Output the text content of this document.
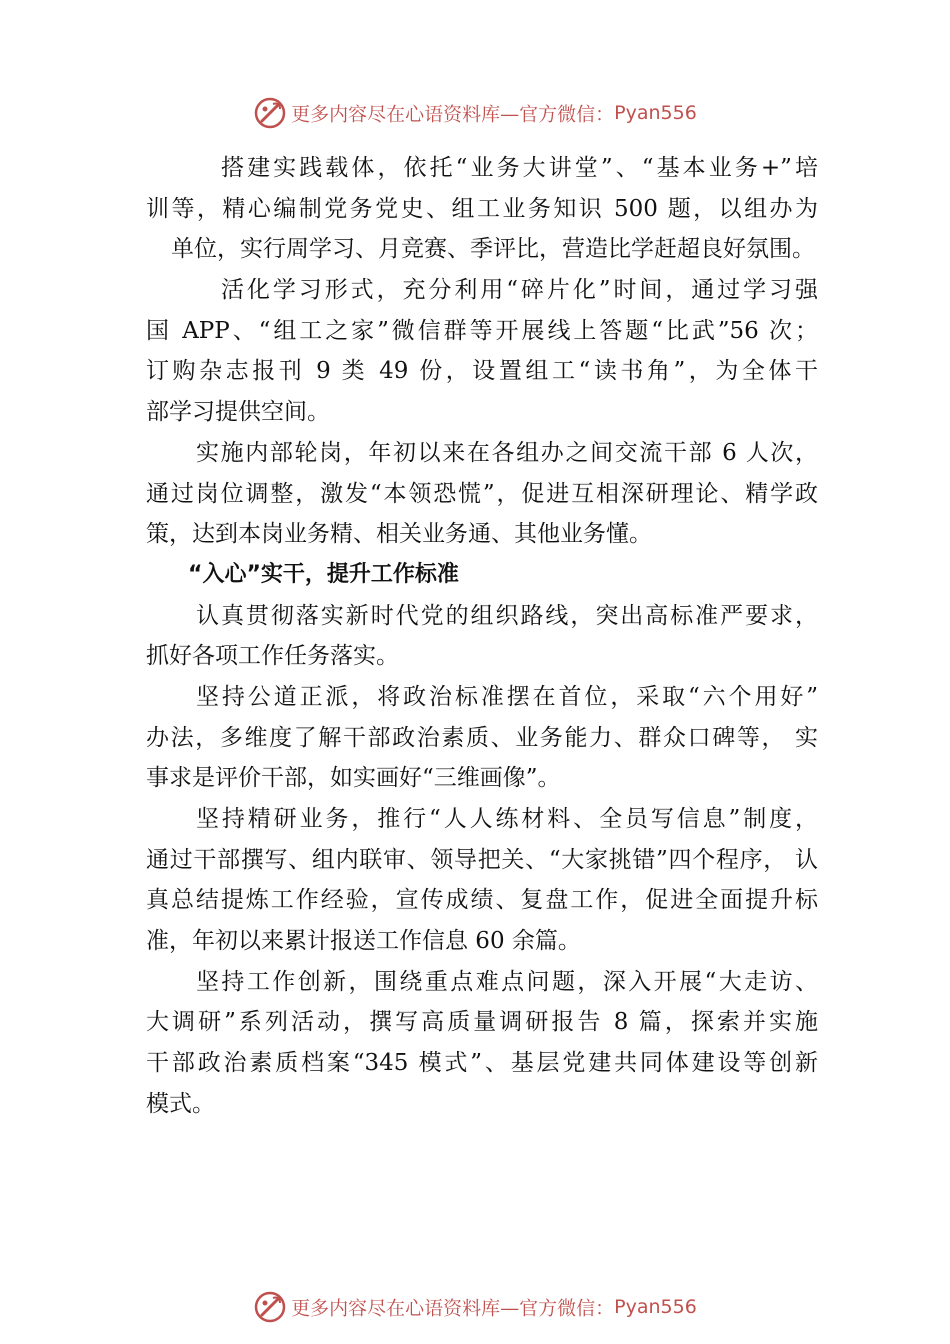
更多内容尽在心语资料库—官方微信：Pyan556
搭建实践载体，依托“业务大讲堂”、“基本业务+”培
训等，精心编制党务党史、组工业务知识 500 题，以组办为
单位，实行周学习、月竞赛、季评比，营造比学赶超良好氛围。
活化学习形式，充分利用“碎片化”时间，通过学习强
国 APP、“组工之家”微信群等开展线上答题“比武”56 次；
订购杂志报刊 9 类 49 份，设置组工“读书角”，为全体干
部学习提供空间。
实施内部轮岗，年初以来在各组办之间交流干部 6 人次，
通过岗位调整，激发“本领恐慌”，促进互相深研理论、精学政
策，达到本岗业务精、相关业务通、其他业务懂。
“入心”实干，提升工作标准
认真贯彻落实新时代党的组织路线，突出高标准严要求，
抓好各项工作任务落实。
坚持公道正派，将政治标准摆在首位，采取“六个用好”
办法，多维度了解干部政治素质、业务能力、群众口碑等， 实
事求是评价干部，如实画好“三维画像”。
坚持精研业务，推行“人人练材料、全员写信息”制度，
通过干部撰写、组内联审、领导把关、“大家挑错”四个程序， 认
真总结提炼工作经验，宣传成绩、复盘工作，促进全面提升标
准，年初以来累计报送工作信息 60 余篇。
坚持工作创新，围绕重点难点问题，深入开展“大走访、
大调研”系列活动，撰写高质量调研报告 8 篇，探索并实施
干部政治素质档案“345 模式”、基层党建共同体建设等创新
模式。
更多内容尽在心语资料库—官方微信：Pyan556
